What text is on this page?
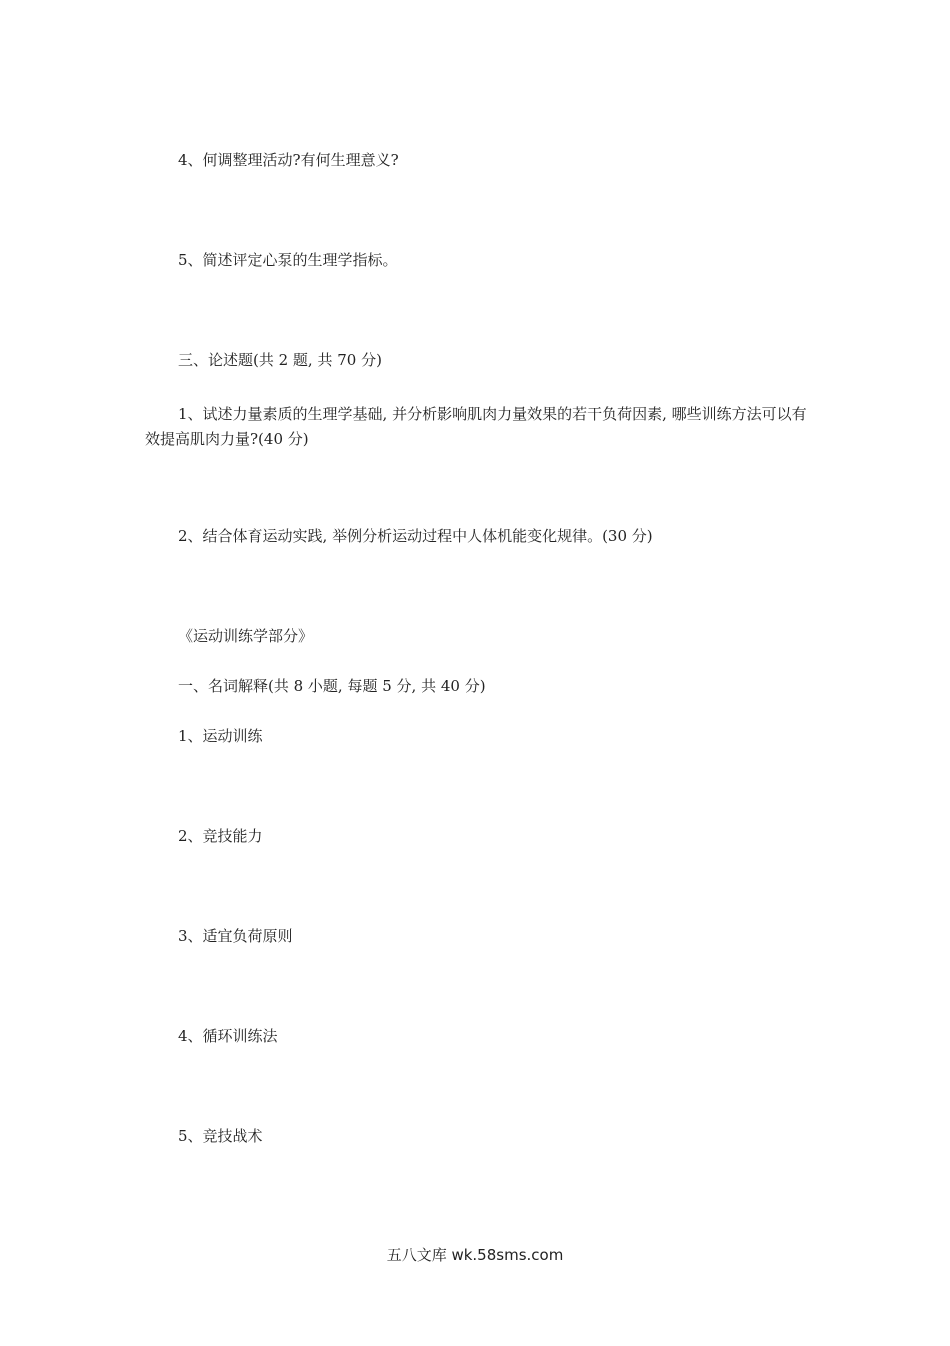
4、何调整理活动?有何生理意义?
5、简述评定心泵的生理学指标。
三、论述题(共 2 题, 共 70 分)
1、试述力量素质的生理学基础, 并分析影响肌肉力量效果的若干负荷因素, 哪些训练方法可以有效提高肌肉力量?(40 分)
2、结合体育运动实践, 举例分析运动过程中人体机能变化规律。(30 分)
《运动训练学部分》
一、名词解释(共 8 小题, 每题 5 分, 共 40 分)
1、运动训练
2、竞技能力
3、适宜负荷原则
4、循环训练法
5、竞技战术
五八文库 wk.58sms.com
